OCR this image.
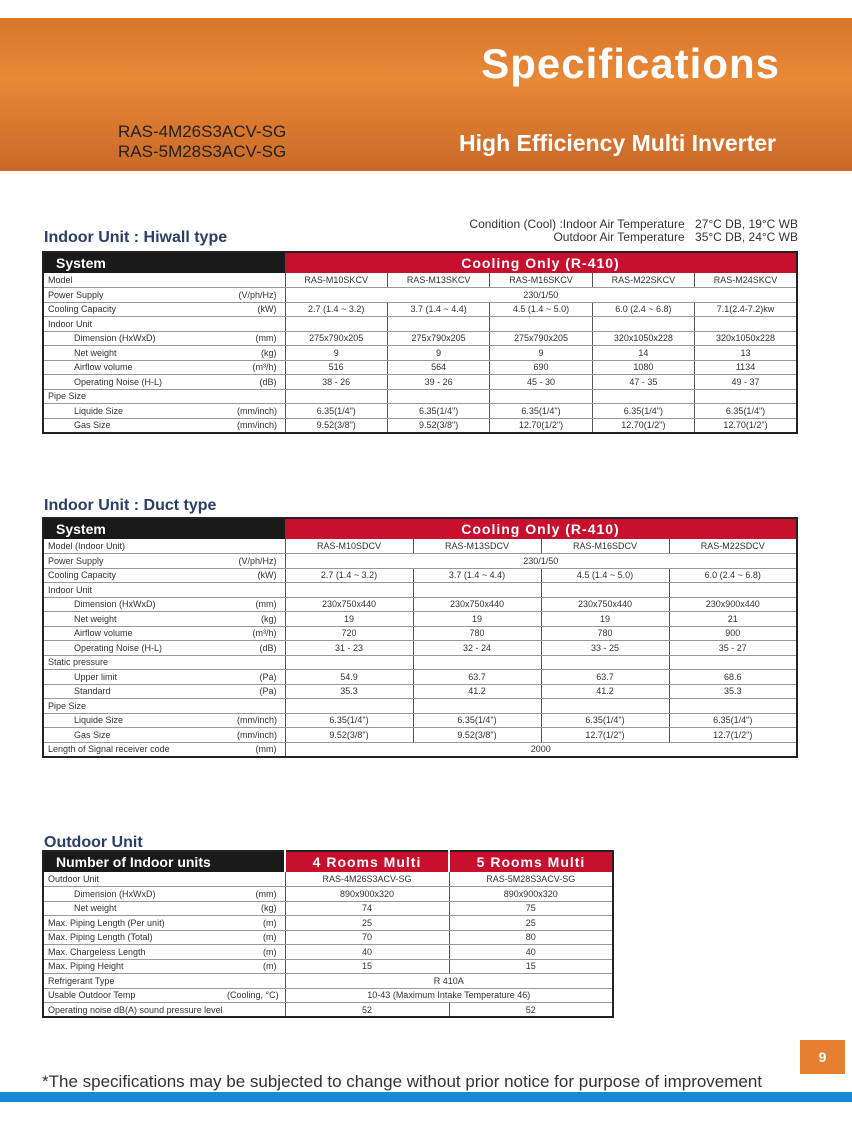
Specifications
RAS-4M26S3ACV-SG
RAS-5M28S3ACV-SG	High Efficiency Multi Inverter
Condition (Cool) :Indoor Air Temperature 27°C DB, 19°C WB
Outdoor Air Temperature 35°C DB, 24°C WB
Indoor Unit : Hiwall type
System		Cooling Only (R-410)				
Model		RAS-M10SKCV	RAS-M13SKCV	RAS-M16SKCV	RAS-M22SKCV	RAS-M24SKCV
Power Supply	(V/ph/Hz)	230/1/50				
Cooling Capacity	(kW)	2.7 (1.4 ~ 3.2)	3.7 (1.4 ~ 4.4)	4.5 (1.4 ~ 5.0)	6.0 (2.4 ~ 6.8)	7.1(2.4-7.2)kw
Indoor Unit						
Dimension (HxWxD)	(mm)	275x790x205	275x790x205	275x790x205	320x1050x228	320x1050x228
Net weight	(kg)	9	9	9	14	13
Airflow volume	(m³/h)	516	564	690	1080	1134
Operating Noise (H-L)	(dB)	38 - 26	39 - 26	45 - 30	47 - 35	49 - 37
Pipe Size						
Liquide Size	(mm/inch)	6.35(1/4")	6.35(1/4")	6.35(1/4")	6.35(1/4")	6.35(1/4")
Gas Size	(mm/inch)	9.52(3/8")	9.52(3/8")	12.70(1/2")	12.70(1/2")	12.70(1/2")
Indoor Unit : Duct type
System		Cooling Only (R-410)			
Model (Indoor Unit)		RAS-M10SDCV	RAS-M13SDCV	RAS-M16SDCV	RAS-M22SDCV
Power Supply	(V/ph/Hz)	230/1/50			
Cooling Capacity	(kW)	2.7 (1.4 ~ 3.2)	3.7 (1.4 ~ 4.4)	4.5 (1.4 ~ 5.0)	6.0 (2.4 ~ 6.8)
Indoor Unit					
Dimension (HxWxD)	(mm)	230x750x440	230x750x440	230x750x440	230x900x440
Net weight	(kg)	19	19	19	21
Airflow volume	(m³/h)	720	780	780	900
Operating Noise (H-L)	(dB)	31 - 23	32 - 24	33 - 25	35 - 27
Static pressure					
Upper limit	(Pa)	54.9	63.7	63.7	68.6
Standard	(Pa)	35.3	41.2	41.2	35.3
Pipe Size					
Liquide Size	(mm/inch)	6.35(1/4")	6.35(1/4")	6.35(1/4")	6.35(1/4")
Gas Size	(mm/inch)	9.52(3/8")	9.52(3/8")	12.7(1/2")	12.7(1/2")
Length of Signal receiver code	(mm)	2000			
Outdoor Unit
Number of Indoor units		4 Rooms Multi	5 Rooms Multi
Outdoor Unit		RAS-4M26S3ACV-SG	RAS-5M28S3ACV-SG
Dimension (HxWxD)	(mm)	890x900x320	890x900x320
Net weight	(kg)	74	75
Max. Piping Length (Per unit)	(m)	25	25
Max. Piping Length (Total)	(m)	70	80
Max. Chargeless Length	(m)	40	40
Max. Piping Height	(m)	15	15
Refrigerant Type		R 410A	
Usable Outdoor Temp	(Cooling, °C)	10-43 (Maximum Intake Temperature 46)	
Operating noise dB(A) sound pressure level		52	52
9
*The specifications may be subjected to change without prior notice for purpose of improvement
